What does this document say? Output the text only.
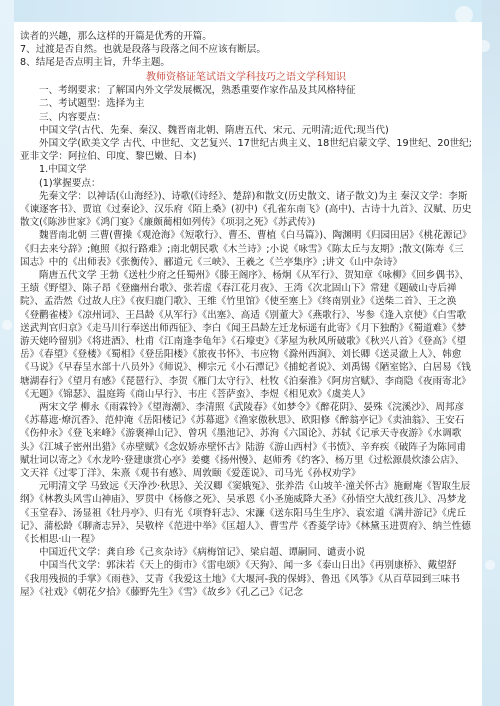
读者的兴趣，那么这样的开篇是优秀的开篇。
7、过渡是否自然。也就是段落与段落之间不应该有断层。
8、结尾是否点明主旨，升华主题。
教师资格证笔试语文学科技巧之语文学科知识
一、考纲要求：了解国内外文学发展概况，熟悉重要作家作品及其风格特征
二、考试题型：选择为主
三、内容要点：
中国文学(古代、先秦、秦汉、魏晋南北朝、隋唐五代、宋元、元明清;近代;现当代)
外国文学(欧美文学 古代、中世纪、文艺复兴、17世纪古典主义、18世纪启蒙文学、19世纪、20世纪;亚非文学：阿拉伯、印度、黎巴嫩、日本)
1.中国文学
(1)掌握要点：
先秦文学：以神话(《山海经》)、诗歌(《诗经》、楚辞)和散文(历史散文、诸子散文)为主 秦汉文学：李斯《谏逐客书》、贾谊《过秦论》、汉乐府《陌上桑》(初中)《孔雀东南飞》(高中)、古诗十九首》、汉赋、历史散文(《陈涉世家》《鸿门宴》《廉颇蔺相如列传》《项羽之死》《苏武传》)
魏晋南北朝 三曹(曹操《观沧海》《短歌行》、曹丕、曹植《白马篇》)、陶渊明《归园田居》《桃花源记》《归去来兮辞》;鲍照《拟行路难》;南北朝民歌《木兰诗》;小说《咏雪》《陈太丘与友期》;散文(陈寿《三国志》中的《出师表》《张衡传》、郦道元《三峡》、王羲之《兰亭集序》;讲文《山中杂诗》
隋唐五代文学 王勃《送杜少府之任蜀州》《滕王阁序》、杨炯《从军行》、贺知章《咏柳》《回乡偶书》、王绩《野望》、陈子昂《登幽州台歌》、张若虚《春江花月夜》、王湾《次北固山下》常建《题破山寺后禅院》、孟浩然《过故人庄》《夜归鹿门歌》、王维《竹里馆》《使至塞上》《终南别业》《送柴二首》、王之涣《登鹳雀楼》《凉州词》、王昌龄《从军行》《出塞》、高适《别董大》《燕歌行》、岑参《逢入京使》《白雪歌送武判官归京》《走马川行奉送出师西征》、李白《闻王昌龄左迁龙标遥有此寄》《月下独酌》《蜀道难》《梦游天姥吟留别》《将进酒》、杜甫《江南逢李龟年》《石壕吏》《茅屋为秋风所破歌》《秋兴八首》《登高》《望岳》《春望》《登楼》《蜀相》《登岳阳楼》《旅夜书怀》、韦应物《滁州西涧》、刘长卿《送灵澈上人》、韩愈《马说》《早春呈水部十八员外》《师说》、柳宗元《小石潭记》《捕蛇者说》、刘禹锡《陋室铭》、白居易《钱塘湖春行》《望月有感》《琵琶行》、李贺《雁门太守行》、杜牧《泊秦淮》《阿房宫赋》、李商隐《夜雨寄北》《无题》《锦瑟》、温庭筠《商山早行》、韦庄《菩萨蛮》、李煜《相见欢》《虞美人》
两宋文学 柳永《雨霖铃》《望海潮》、李清照《武陵春》《如梦令》《醉花阴》、晏殊《浣溪沙》、周邦彦《苏幕遮·燎沉香》、范仲淹《岳阳楼记》《苏幕遮》《渔家傲秋思》、欧阳修《醉翁亭记》《卖油翁》、王安石《伤仲永》《登飞来峰》《游褒禅山记》、曾巩《墨池记》、苏洵《六国论》、苏轼《记承天寺夜游》《水调歌头》《江城子密州出猎》《赤壁赋》《念奴娇赤壁怀古》陆游《游山西村》《书愤》、辛弃疾《破阵子为陈同甫赋壮词以寄之》《水龙吟·登建康赏心亭》姜夔《扬州慢》、赵师秀《约客》、杨万里《过松源晨炊漆公店》、文天祥《过零丁洋》、朱熹《观书有感》、周敦颐《爱莲说》、司马光《孙权劝学》
元明清文学 马致远《天净沙·秋思》、关汉卿《窦娥冤》、张养浩《山坡羊·潼关怀古》施耐庵《智取生辰纲》《林教头风雪山神庙》、罗贯中《杨修之死》、吴承恩《小圣施威降大圣》《孙悟空大战红孩儿》、冯梦龙《玉堂春》、汤显祖《牡丹亭》、归有光《项脊轩志》、宋濂《送东阳马生生序》、袁宏道《满井游记》《虎丘记》、蒲松龄《聊斋志异》、吴敬梓《范进中举》《匡超人》、曹雪芹《香菱学诗》《林黛玉进贾府》、纳兰性德《长相思·山一程》
中国近代文学：龚自珍《己亥杂诗》《病梅馆记》、梁启超、谭嗣同、谴责小说
中国当代文学：郭沫若《天上的街市》《雷电颂》《天狗》、闻一多《泰山日出》《再别康桥》、戴望舒《我用残损的手掌》《雨巷》、艾青《我爱这土地》《大堰河-我的保姆》、鲁迅《风筝》《从百草园到三味书屋》《社戏》《朝花夕拾》《藤野先生》《雪》《故乡》《孔乙己》《记念
